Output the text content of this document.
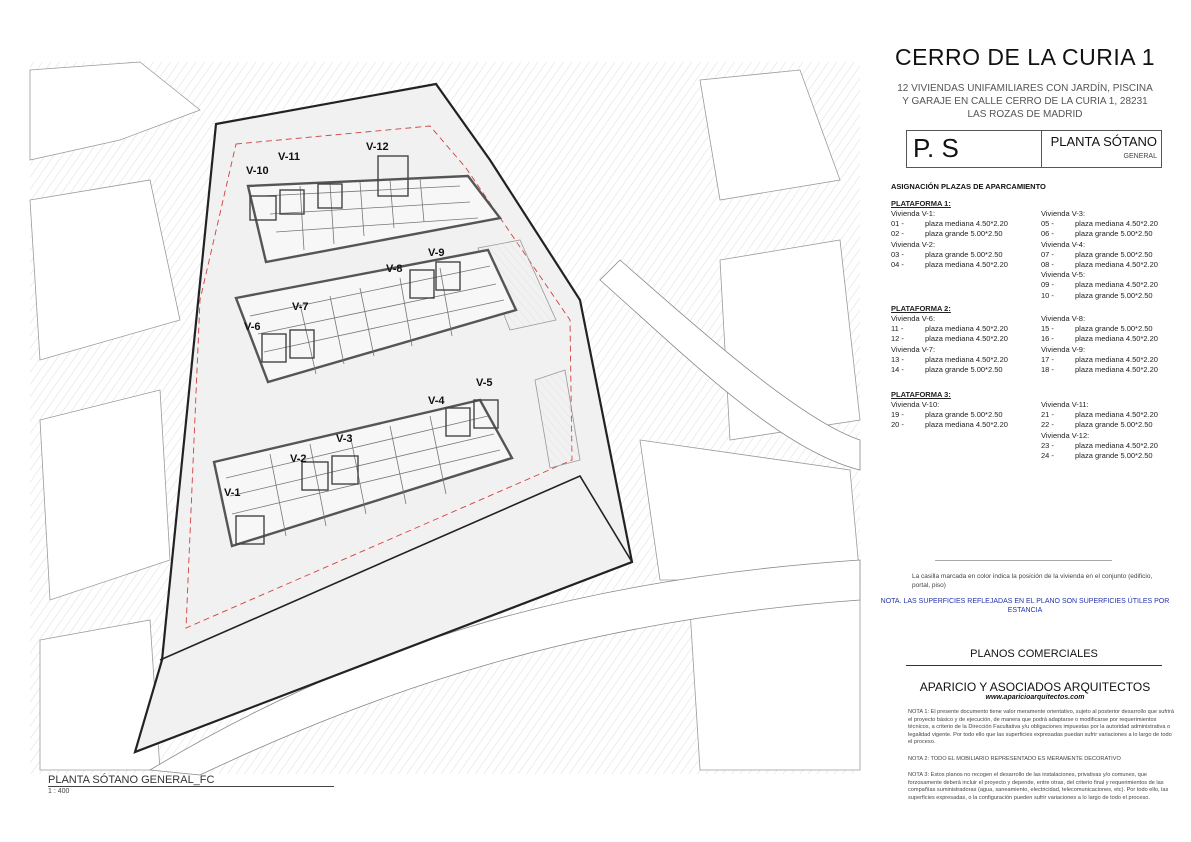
V-10
V-11
V-12
V-8
V-9
V-6
V-7
V-4
V-5
V-2
V-3
V-1
PLANTA SÓTANO GENERAL_FC
1 : 400
CERRO DE LA CURIA 1
12 VIVIENDAS UNIFAMILIARES CON JARDÍN, PISCINA
Y GARAJE EN CALLE CERRO DE LA CURIA 1, 28231
LAS ROZAS DE MADRID
P. S	PLANTA SÓTANO
GENERAL
ASIGNACIÓN PLAZAS DE APARCAMIENTO
PLATAFORMA 1:
Vivienda V-1:
01 -	plaza mediana 4.50*2.20
02 -	plaza grande 5.00*2.50
Vivienda V-2:
03 -	plaza grande 5.00*2.50
04 -	plaza mediana 4.50*2.20
Vivienda V-3:
05 -	plaza mediana 4.50*2.20
06 -	plaza grande 5.00*2.50
Vivienda V-4:
07 -	plaza grande 5.00*2.50
08 -	plaza mediana 4.50*2.20
Vivienda V-5:
09 -	plaza mediana 4.50*2.20
10 -	plaza grande 5.00*2.50
PLATAFORMA 2:
Vivienda V-6:
11 -	plaza mediana 4.50*2.20
12 -	plaza mediana 4.50*2.20
Vivienda V-7:
13 -	plaza mediana 4.50*2.20
14 -	plaza grande 5.00*2.50
Vivienda V-8:
15 -	plaza grande 5.00*2.50
16 -	plaza mediana 4.50*2.20
Vivienda V-9:
17 -	plaza mediana 4.50*2.20
18 -	plaza mediana 4.50*2.20
PLATAFORMA 3:
Vivienda V-10:
19 -	plaza grande 5.00*2.50
20 -	plaza mediana 4.50*2.20
Vivienda V-11:
21 -	plaza mediana 4.50*2.20
22 -	plaza grande 5.00*2.50
Vivienda V-12:
23 -	plaza mediana 4.50*2.20
24 -	plaza grande 5.00*2.50
La casilla marcada en color indica la posición de la vivienda en el conjunto (edificio, portal, piso)
NOTA. LAS SUPERFICIES REFLEJADAS EN EL PLANO SON SUPERFICIES ÚTILES POR ESTANCIA
PLANOS COMERCIALES
APARICIO Y ASOCIADOS ARQUITECTOS
www.aparicioarquitectos.com
NOTA 1: El presente documento tiene valor meramente orientativo, sujeto al posterior desarrollo que sufrirá el proyecto básico y de ejecución, de manera que podrá adaptarse o modificarse por requerimientos técnicos, a criterio de la Dirección Facultativa y/u obligaciones impuestas por la autoridad administrativa o legalidad vigente. Por todo ello que las superficies expresadas puedan sufrir variaciones a lo largo de todo el proceso.
NOTA 2: TODO EL MOBILIARIO REPRESENTADO ES MERAMENTE DECORATIVO
NOTA 3: Estos planos no recogen el desarrollo de las instalaciones, privativas y/o comunes, que forzosamente deberá incluir el proyecto y depende, entre otras, del criterio final y requerimientos de las compañías suministradoras (agua, saneamiento, electricidad, telecomunicaciones, etc). Por todo ello, las superficies expresadas, o la configuración pueden sufrir variaciones a lo largo de todo el proceso.
